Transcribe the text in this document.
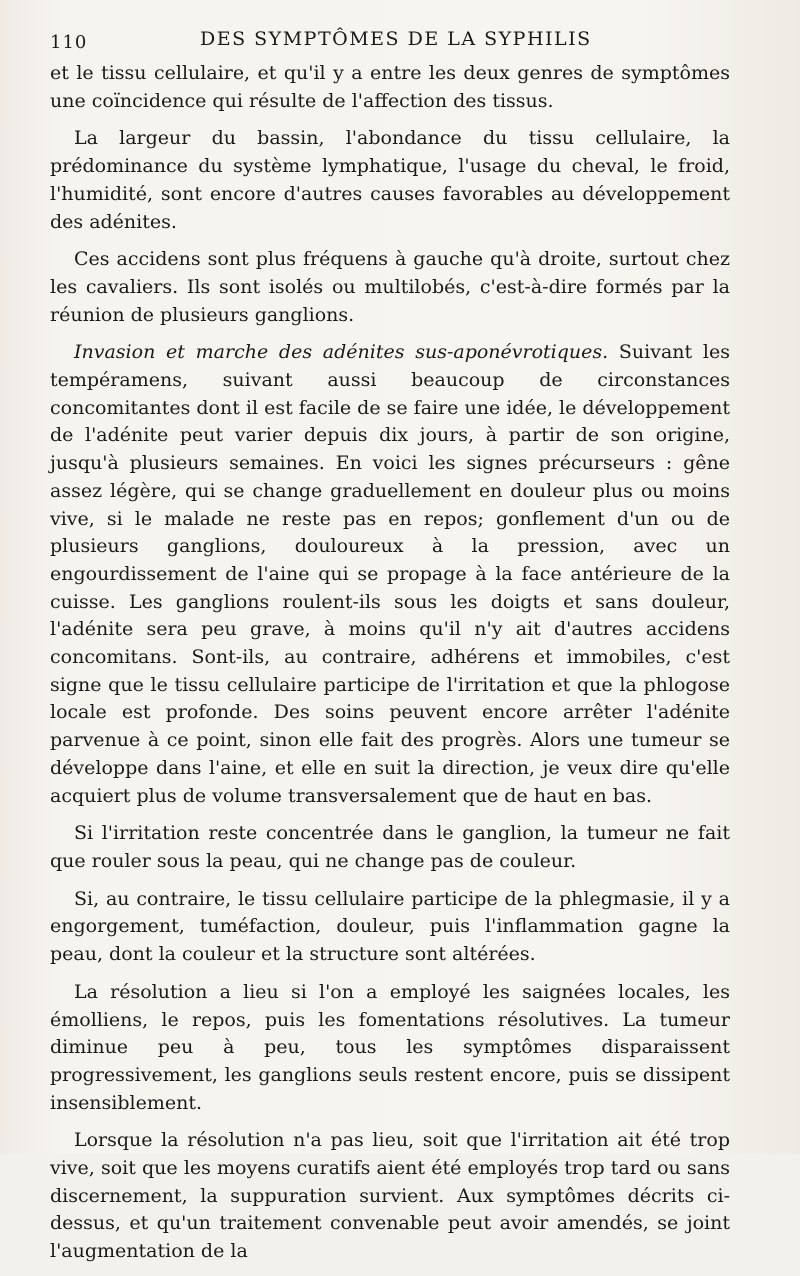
110	DES SYMPTÔMES DE LA SYPHILIS

et le tissu cellulaire, et qu'il y a entre les deux genres de symptômes une coïncidence qui résulte de l'affection des tissus.

La largeur du bassin, l'abondance du tissu cellulaire, la prédominance du système lymphatique, l'usage du cheval, le froid, l'humidité, sont encore d'autres causes favorables au développement des adénites.

Ces accidens sont plus fréquens à gauche qu'à droite, surtout chez les cavaliers. Ils sont isolés ou multilobés, c'est-à-dire formés par la réunion de plusieurs ganglions.

Invasion et marche des adénites sus-aponévrotiques. Suivant les tempéramens, suivant aussi beaucoup de circonstances concomitantes dont il est facile de se faire une idée, le développement de l'adénite peut varier depuis dix jours, à partir de son origine, jusqu'à plusieurs semaines. En voici les signes précurseurs : gêne assez légère, qui se change graduellement en douleur plus ou moins vive, si le malade ne reste pas en repos; gonflement d'un ou de plusieurs ganglions, douloureux à la pression, avec un engourdissement de l'aine qui se propage à la face antérieure de la cuisse. Les ganglions roulent-ils sous les doigts et sans douleur, l'adénite sera peu grave, à moins qu'il n'y ait d'autres accidens concomitans. Sont-ils, au contraire, adhérens et immobiles, c'est signe que le tissu cellulaire participe de l'irritation et que la phlogose locale est profonde. Des soins peuvent encore arrêter l'adénite parvenue à ce point, sinon elle fait des progrès. Alors une tumeur se développe dans l'aine, et elle en suit la direction, je veux dire qu'elle acquiert plus de volume transversalement que de haut en bas.

Si l'irritation reste concentrée dans le ganglion, la tumeur ne fait que rouler sous la peau, qui ne change pas de couleur.

Si, au contraire, le tissu cellulaire participe de la phlegmasie, il y a engorgement, tuméfaction, douleur, puis l'inflammation gagne la peau, dont la couleur et la structure sont altérées.

La résolution a lieu si l'on a employé les saignées locales, les émolliens, le repos, puis les fomentations résolutives. La tumeur diminue peu à peu, tous les symptômes disparaissent progressivement, les ganglions seuls restent encore, puis se dissipent insensiblement.

Lorsque la résolution n'a pas lieu, soit que l'irritation ait été trop vive, soit que les moyens curatifs aient été employés trop tard ou sans discernement, la suppuration survient. Aux symptômes décrits ci-dessus, et qu'un traitement convenable peut avoir amendés, se joint l'augmentation de la
